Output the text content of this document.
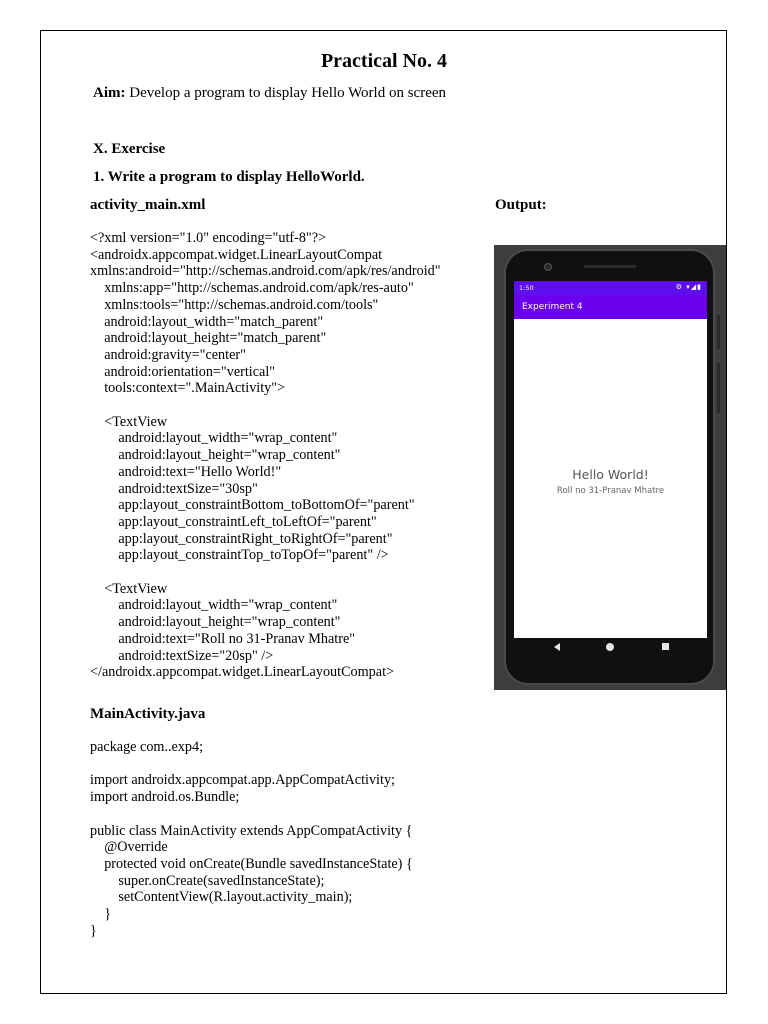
Practical No. 4
Aim: Develop a program to display Hello World on screen
X. Exercise
1. Write a program to display HelloWorld.
activity_main.xml	Output:
<?xml version="1.0" encoding="utf-8"?>
<androidx.appcompat.widget.LinearLayoutCompat
xmlns:android="http://schemas.android.com/apk/res/android"
xmlns:app="http://schemas.android.com/apk/res-auto"
xmlns:tools="http://schemas.android.com/tools"
android:layout_width="match_parent"
android:layout_height="match_parent"
android:gravity="center"
android:orientation="vertical"
tools:context=".MainActivity">

<TextView
android:layout_width="wrap_content"
android:layout_height="wrap_content"
android:text="Hello World!"
android:textSize="30sp"
app:layout_constraintBottom_toBottomOf="parent"
app:layout_constraintLeft_toLeftOf="parent"
app:layout_constraintRight_toRightOf="parent"
app:layout_constraintTop_toTopOf="parent" />

<TextView
android:layout_width="wrap_content"
android:layout_height="wrap_content"
android:text="Roll no 31-Pranav Mhatre"
android:textSize="20sp" />
</androidx.appcompat.widget.LinearLayoutCompat>
1:50	⚙ ▾◢▮
Experiment 4
Hello World!
Roll no 31-Pranav Mhatre
MainActivity.java
package com..exp4;

import androidx.appcompat.app.AppCompatActivity;
import android.os.Bundle;

public class MainActivity extends AppCompatActivity {
@Override
protected void onCreate(Bundle savedInstanceState) {
super.onCreate(savedInstanceState);
setContentView(R.layout.activity_main);
}
}
